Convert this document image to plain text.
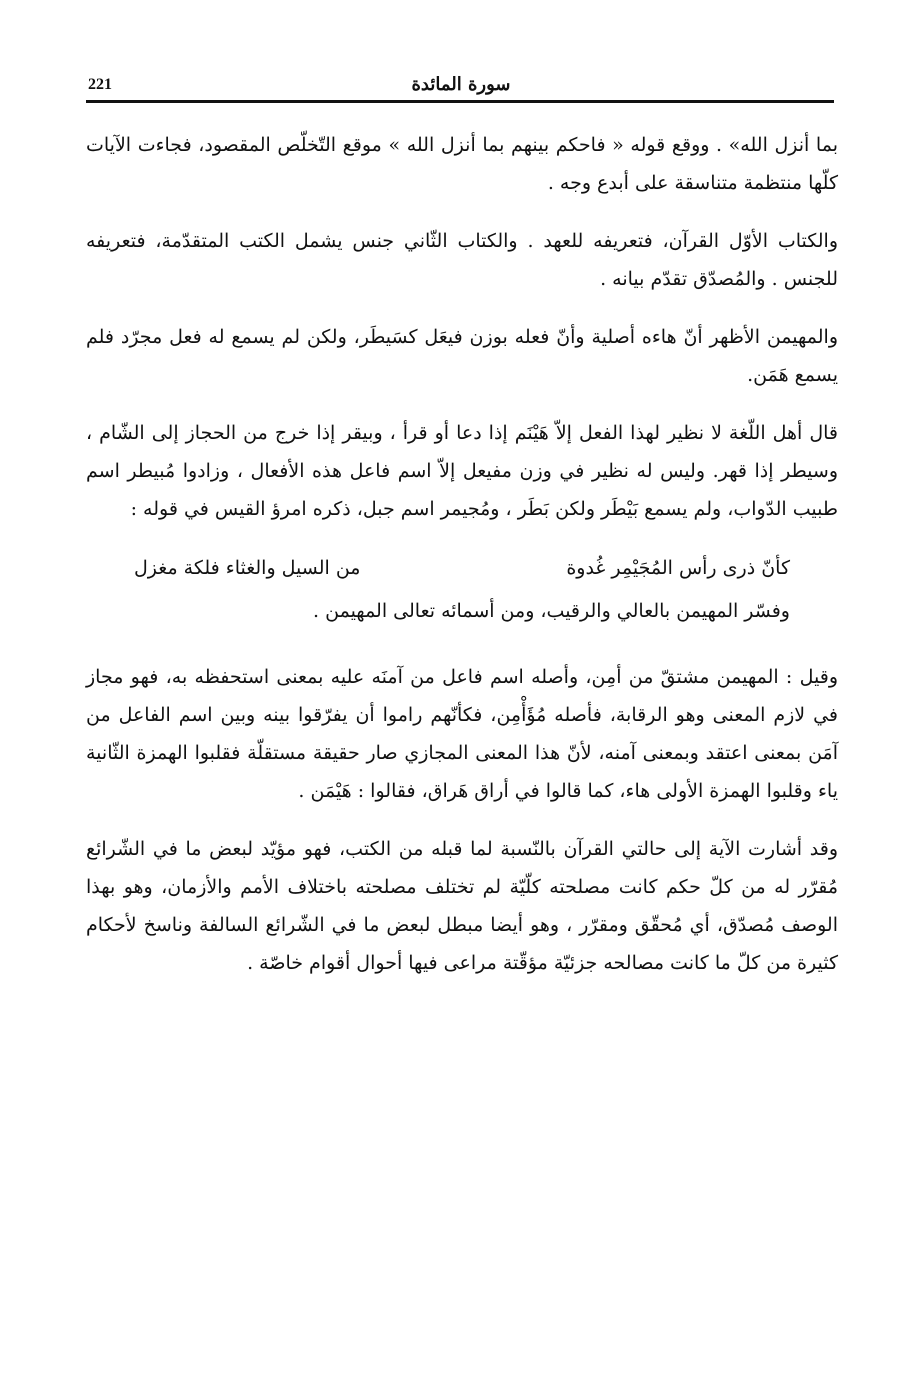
221	سورة المائدة

بما أنزل الله» . ووقع قوله « فاحكم بينهم بما أنزل الله » موقع التّخلّص المقصود، فجاءت الآيات كلّها منتظمة متناسقة على أبدع وجه .

والكتاب الأوّل القرآن، فتعريفه للعهد . والكتاب الثّاني جنس يشمل الكتب المتقدّمة، فتعريفه للجنس . والمُصدّق تقدّم بيانه .

والمهيمن الأظهر أنّ هاءه أصلية وأنّ فعله بوزن فيعَل كسَيطَر، ولكن لم يسمع له فعل مجرّد فلم يسمع هَمَن.

قال أهل اللّغة لا نظير لهذا الفعل إلاّ هَيْنَم إذا دعا أو قرأ ، وبيقر إذا خرج من الحجاز إلى الشّام ، وسيطر إذا قهر. وليس له نظير في وزن مفيعل إلاّ اسم فاعل هذه الأفعال ، وزادوا مُبيطر اسم طبيب الدّواب، ولم يسمع بَيْطَر ولكن بَطَر ، ومُجيمر اسم جبل، ذكره امرؤ القيس في قوله :

كأنّ ذرى رأس المُجَيْمِر غُدوة
من السيل والغثاء فلكة مغزل

وفسّر المهيمن بالعالي والرقيب، ومن أسمائه تعالى المهيمن .

وقيل : المهيمن مشتقّ من أمِن، وأصله اسم فاعل من آمنَه عليه بمعنى استحفظه به، فهو مجاز في لازم المعنى وهو الرقابة، فأصله مُؤَأْمِن، فكأنّهم راموا أن يفرّقوا بينه وبين اسم الفاعل من آمَن بمعنى اعتقد وبمعنى آمنه، لأنّ هذا المعنى المجازي صار حقيقة مستقلّة فقلبوا الهمزة الثّانية ياء وقلبوا الهمزة الأولى هاء، كما قالوا في أراق هَراق، فقالوا : هَيْمَن .

وقد أشارت الآية إلى حالتي القرآن بالنّسبة لما قبله من الكتب، فهو مؤيّد لبعض ما في الشّرائع مُقرّر له من كلّ حكم كانت مصلحته كلّيّة لم تختلف مصلحته باختلاف الأمم والأزمان، وهو بهذا الوصف مُصدّق، أي مُحقّق ومقرّر ، وهو أيضا مبطل لبعض ما في الشّرائع السالفة وناسخ لأحكام كثيرة من كلّ ما كانت مصالحه جزئيّة مؤقّتة مراعى فيها أحوال أقوام خاصّة .
